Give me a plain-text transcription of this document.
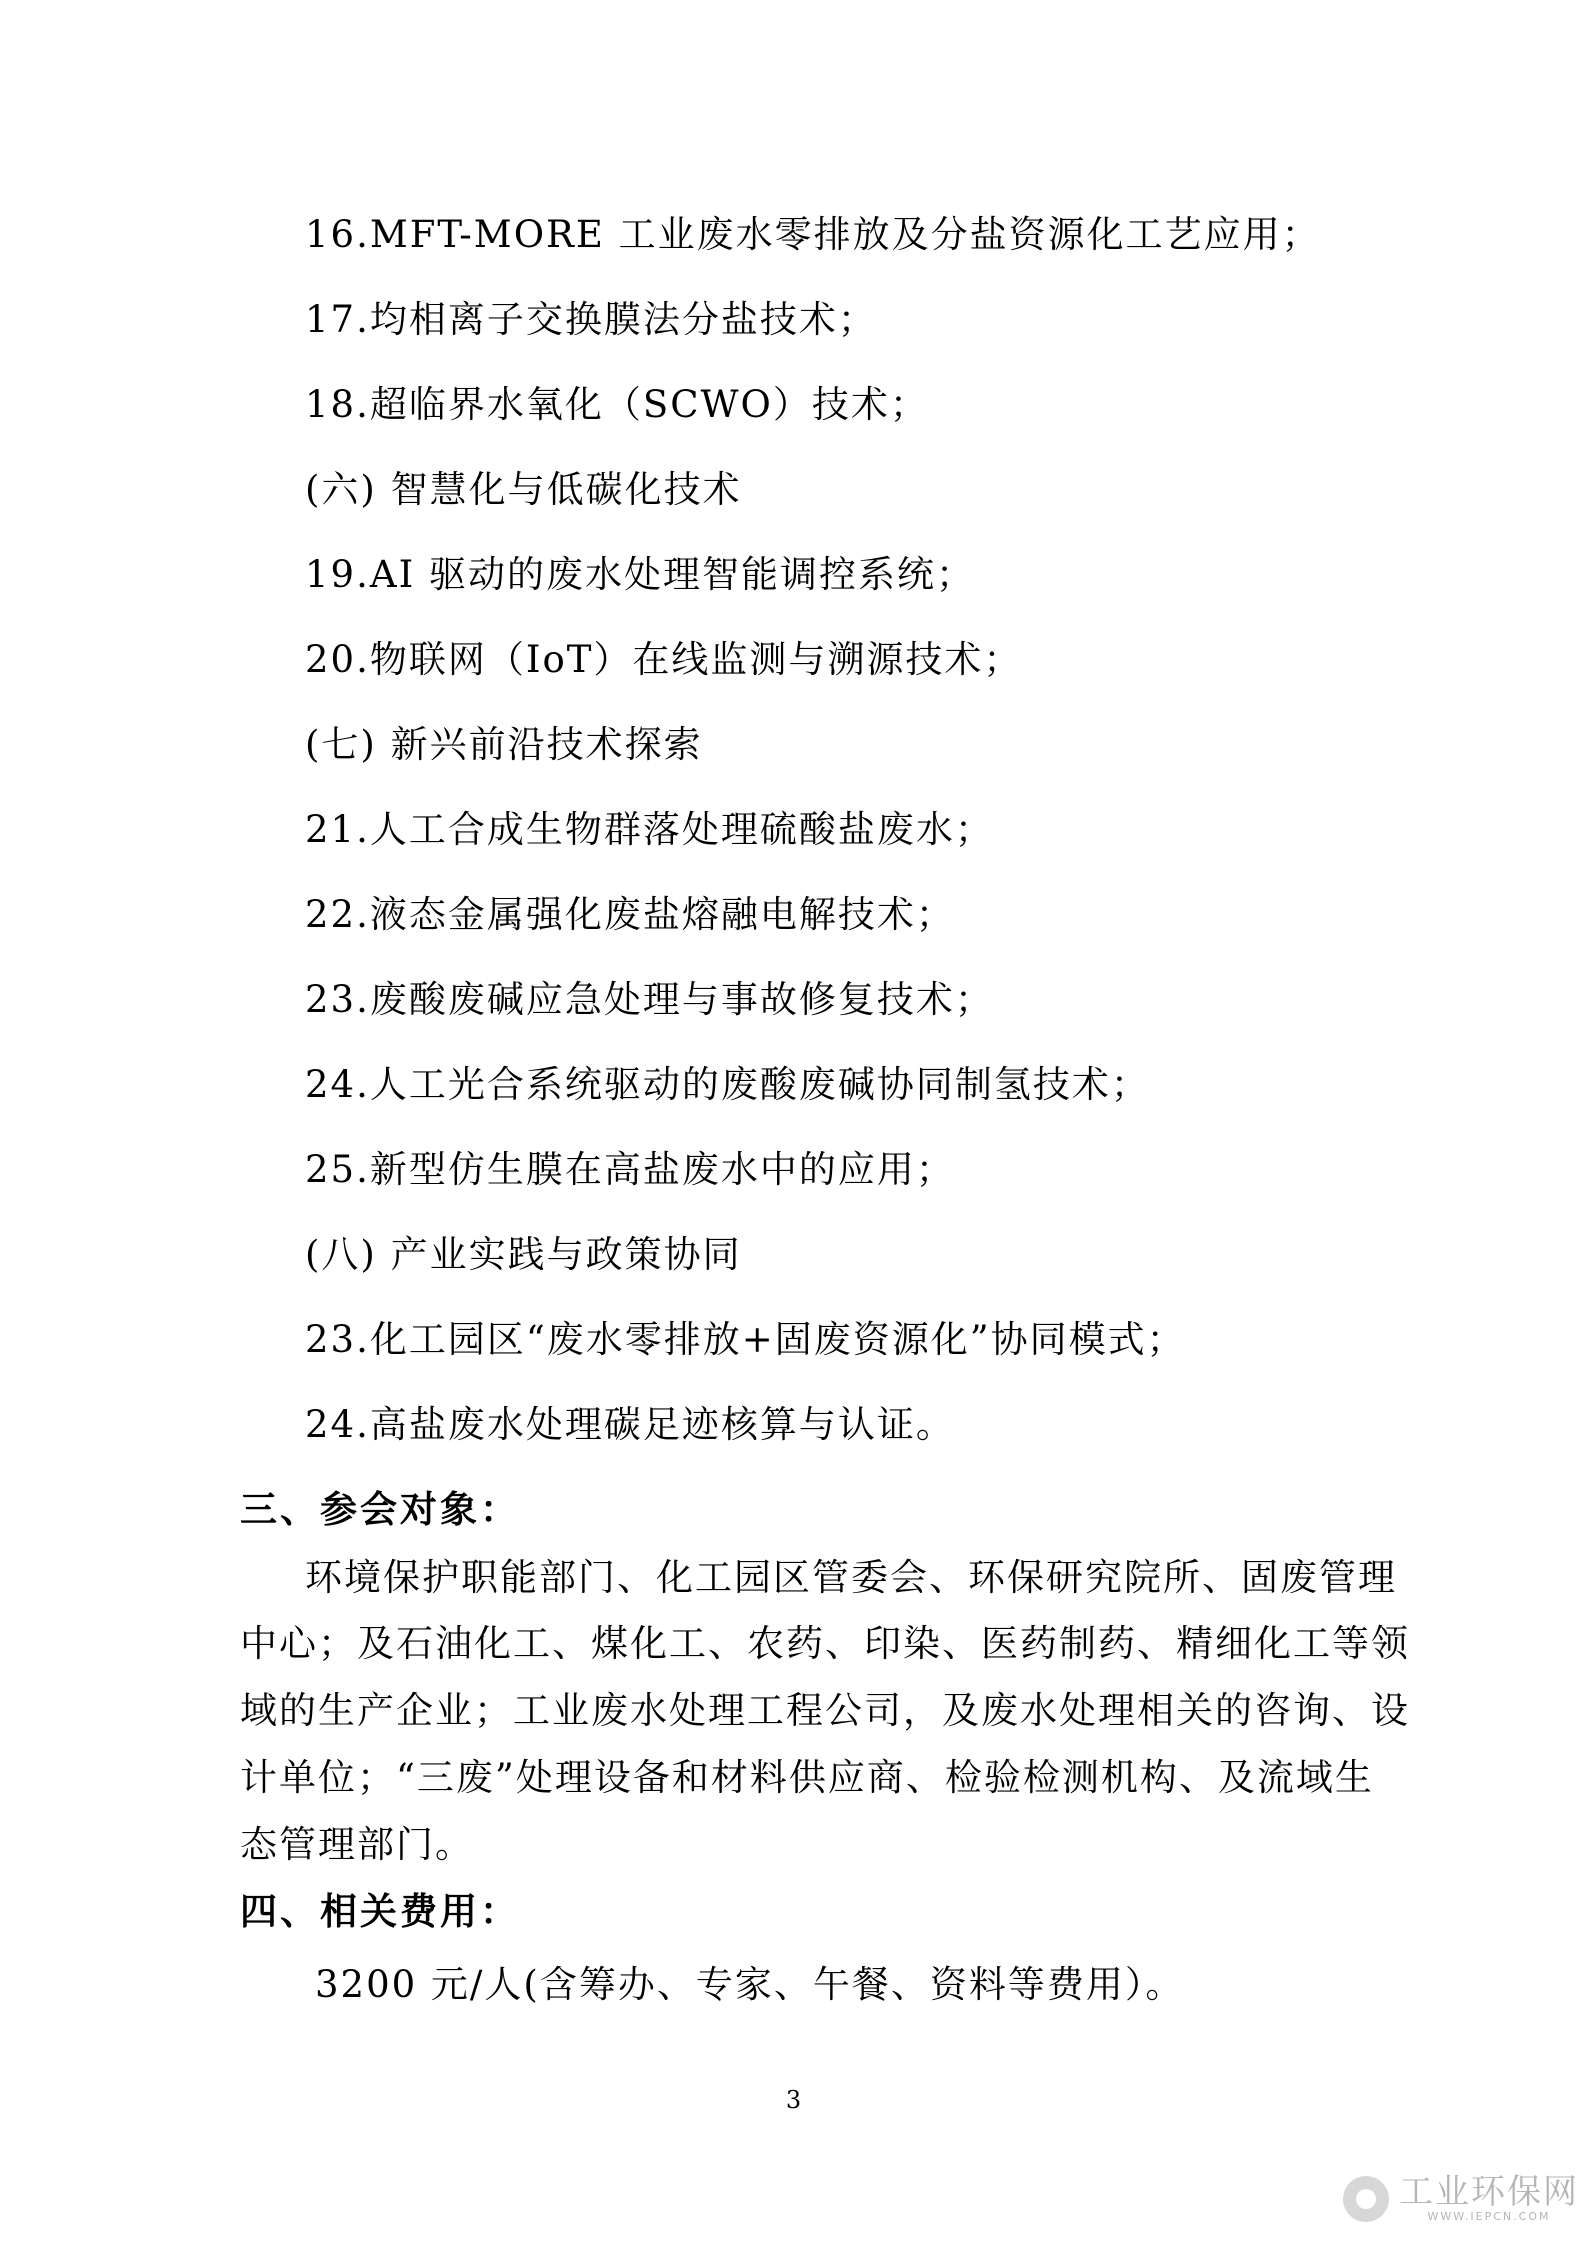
16.MFT-MORE 工业废水零排放及分盐资源化工艺应用；
17.均相离子交换膜法分盐技术；
18.超临界水氧化（SCWO）技术；
(六) 智慧化与低碳化技术
19.AI 驱动的废水处理智能调控系统；
20.物联网（IoT）在线监测与溯源技术；
(七) 新兴前沿技术探索
21.人工合成生物群落处理硫酸盐废水；
22.液态金属强化废盐熔融电解技术；
23.废酸废碱应急处理与事故修复技术；
24.人工光合系统驱动的废酸废碱协同制氢技术；
25.新型仿生膜在高盐废水中的应用；
(八) 产业实践与政策协同
23.化工园区“废水零排放+固废资源化”协同模式；
24.高盐废水处理碳足迹核算与认证。
三、参会对象：
环境保护职能部门、化工园区管委会、环保研究院所、固废管理
中心；及石油化工、煤化工、农药、印染、医药制药、精细化工等领
域的生产企业；工业废水处理工程公司，及废水处理相关的咨询、设
计单位；“三废”处理设备和材料供应商、检验检测机构、及流域生
态管理部门。
四、相关费用：
3200 元/人(含筹办、专家、午餐、资料等费用）。
3
工业环保网
WWW.IEPCN.COM
